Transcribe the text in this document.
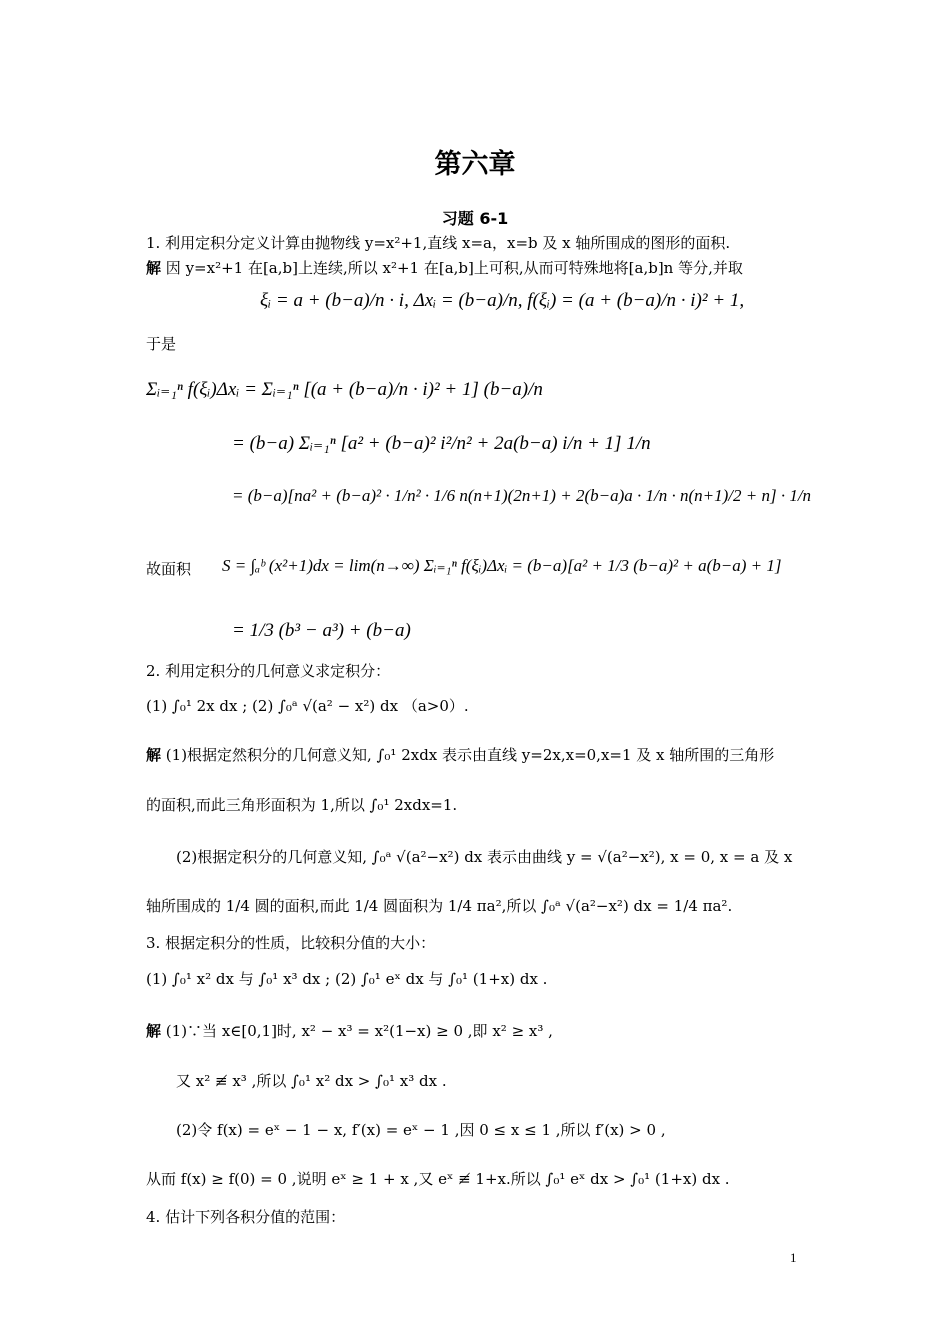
第六章
习题 6-1
1. 利用定积分定义计算由抛物线 y=x²+1,直线 x=a，x=b 及 x 轴所围成的图形的面积.
解 因 y=x²+1 在[a,b]上连续,所以 x²+1 在[a,b]上可积,从而可特殊地将[a,b]n 等分,并取
ξᵢ = a + (b−a)/n · i, Δxᵢ = (b−a)/n, f(ξᵢ) = (a + (b−a)/n · i)² + 1,
于是
Σᵢ₌₁ⁿ f(ξᵢ)Δxᵢ = Σᵢ₌₁ⁿ [(a + (b−a)/n · i)² + 1] (b−a)/n
= (b−a) Σᵢ₌₁ⁿ [a² + (b−a)² i²/n² + 2a(b−a) i/n + 1] 1/n
= (b−a)[na² + (b−a)² · 1/n² · 1/6 n(n+1)(2n+1) + 2(b−a)a · 1/n · n(n+1)/2 + n] · 1/n
故面积	S = ∫ₐᵇ (x²+1)dx = lim(n→∞) Σᵢ₌₁ⁿ f(ξᵢ)Δxᵢ = (b−a)[a² + 1/3 (b−a)² + a(b−a) + 1]
= 1/3 (b³ − a³) + (b−a)
2. 利用定积分的几何意义求定积分：
(1) ∫₀¹ 2x dx ; (2) ∫₀ᵃ √(a² − x²) dx （a>0）.
解 (1)根据定然积分的几何意义知, ∫₀¹ 2xdx 表示由直线 y=2x,x=0,x=1 及 x 轴所围的三角形
的面积,而此三角形面积为 1,所以 ∫₀¹ 2xdx=1.
(2)根据定积分的几何意义知, ∫₀ᵃ √(a²−x²) dx 表示由曲线 y = √(a²−x²), x = 0, x = a 及 x
轴所围成的 1/4 圆的面积,而此 1/4 圆面积为 1/4 πa²,所以 ∫₀ᵃ √(a²−x²) dx = 1/4 πa².
3. 根据定积分的性质，比较积分值的大小：
(1) ∫₀¹ x² dx 与 ∫₀¹ x³ dx ; (2) ∫₀¹ eˣ dx 与 ∫₀¹ (1+x) dx .
解 (1)∵当 x∈[0,1]时, x² − x³ = x²(1−x) ≥ 0 ,即 x² ≥ x³ ,
又 x² ≢ x³ ,所以 ∫₀¹ x² dx > ∫₀¹ x³ dx .
(2)令 f(x) = eˣ − 1 − x, f′(x) = eˣ − 1 ,因 0 ≤ x ≤ 1 ,所以 f′(x) > 0 ,
从而 f(x) ≥ f(0) = 0 ,说明 eˣ ≥ 1 + x ,又 eˣ ≢ 1+x.所以 ∫₀¹ eˣ dx > ∫₀¹ (1+x) dx .
4. 估计下列各积分值的范围：
1
